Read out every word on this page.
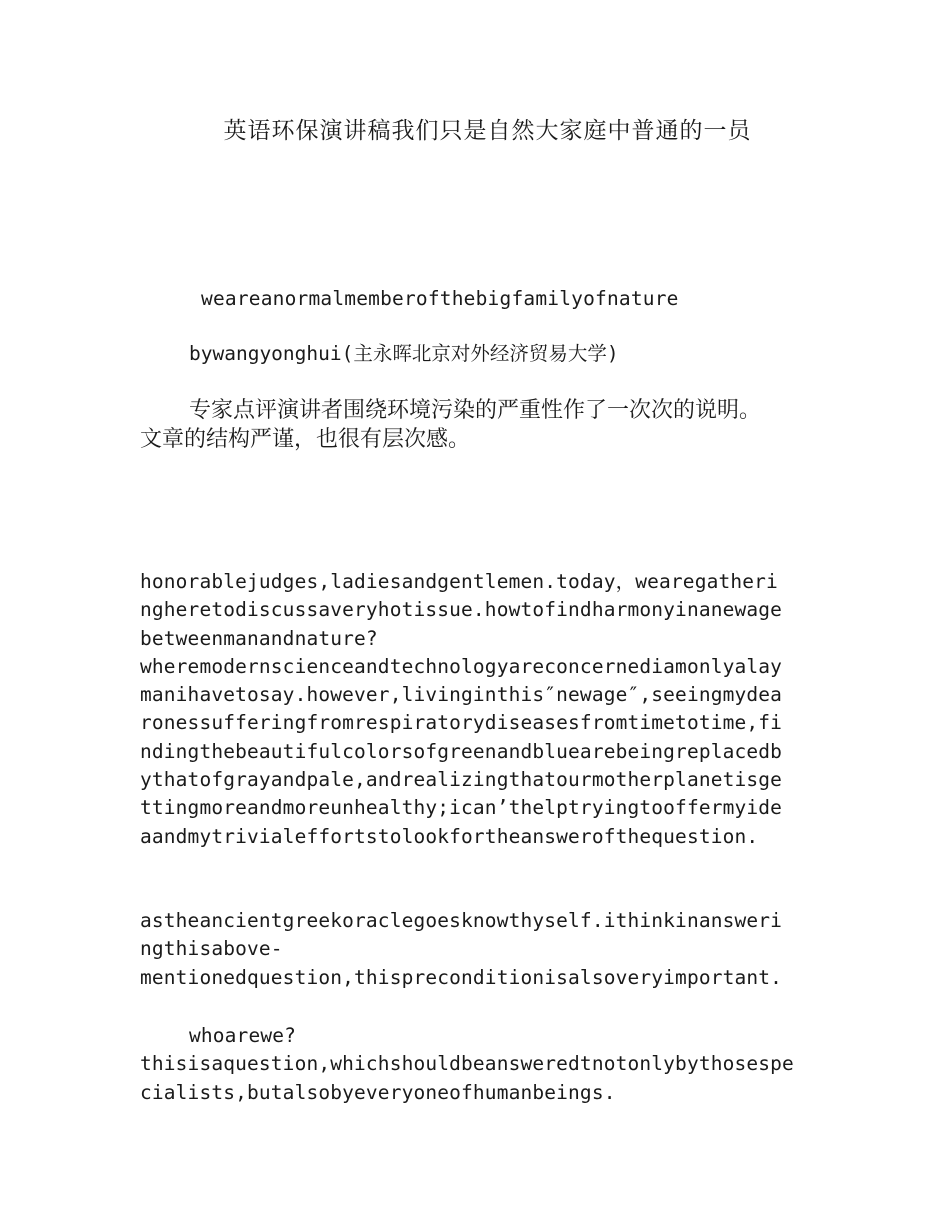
英语环保演讲稿我们只是自然大家庭中普通的一员
weareanormalmemberofthebigfamilyofnature
bywangyonghui(主永晖北京对外经济贸易大学)
专家点评演讲者围绕环境污染的严重性作了一次次的说明。
文章的结构严谨，也很有层次感。
honorablejudges,ladiesandgentlemen.today，wearegatheri
ngheretodiscussaveryhotissue.howtofindharmonyinanewage
betweenmanandnature?
wheremodernscienceandtechnologyareconcernediamonlyalay
manihavetosay.however,livinginthis″newage″,seeingmydea
ronessufferingfromrespiratorydiseasesfromtimetotime,fi
ndingthebeautifulcolorsofgreenandbluearebeingreplacedb
ythatofgrayandpale,andrealizingthatourmotherplanetisge
ttingmoreandmoreunhealthy;ican’thelptryingtooffermyide
aandmytrivialeffortstolookfortheanswerofthequestion.
astheancientgreekoraclegoesknowthyself.ithinkinansweri
ngthisabove-
mentionedquestion,thispreconditionisalsoveryimportant.
whoarewe?
thisisaquestion,whichshouldbeansweredtnotonlybythosespe
cialists,butalsobyeveryoneofhumanbeings.
